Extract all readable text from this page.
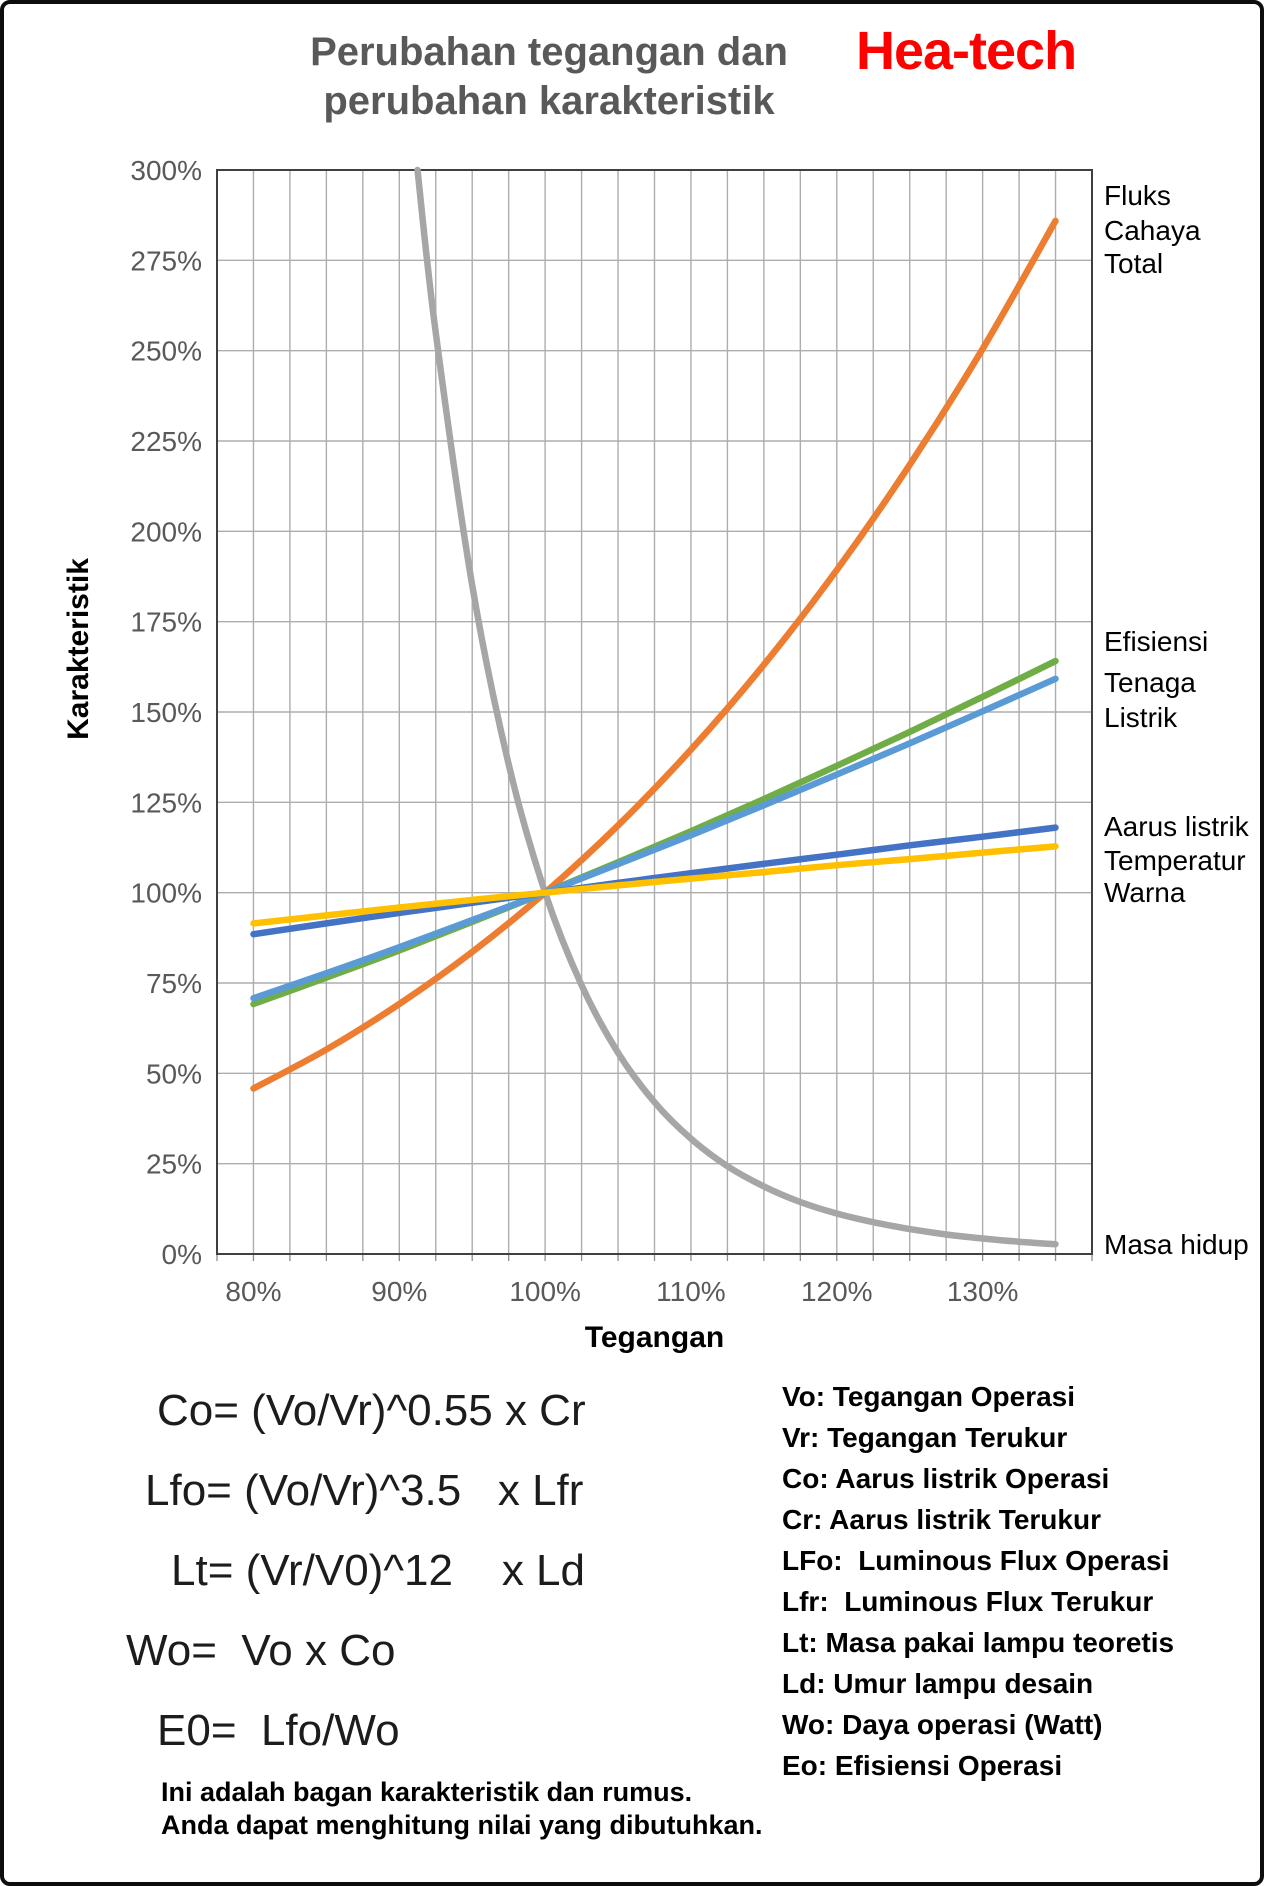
0%
25%
50%
75%
100%
125%
150%
175%
200%
225%
250%
275%
300%
80%	90%	100%	110%	120%	130%
Tegangan
Karakteristik
Fluks
Cahaya
Total
Efisiensi
Tenaga
Listrik
Aarus listrik
Temperatur
Warna
Masa hidup
Perubahan tegangan dan
perubahan karakteristik
Hea-tech
Co= (Vo/Vr)^0.55 x Cr
Lfo= (Vo/Vr)^3.5   x Lfr
Lt= (Vr/V0)^12    x Ld
Wo=  Vo x Co
E0=  Lfo/Wo
Vo: Tegangan Operasi
Vr: Tegangan Terukur
Co: Aarus listrik Operasi
Cr: Aarus listrik Terukur
LFo:  Luminous Flux Operasi
Lfr:  Luminous Flux Terukur
Lt: Masa pakai lampu teoretis
Ld: Umur lampu desain
Wo: Daya operasi (Watt)
Eo: Efisiensi Operasi
Ini adalah bagan karakteristik dan rumus.
Anda dapat menghitung nilai yang dibutuhkan.
